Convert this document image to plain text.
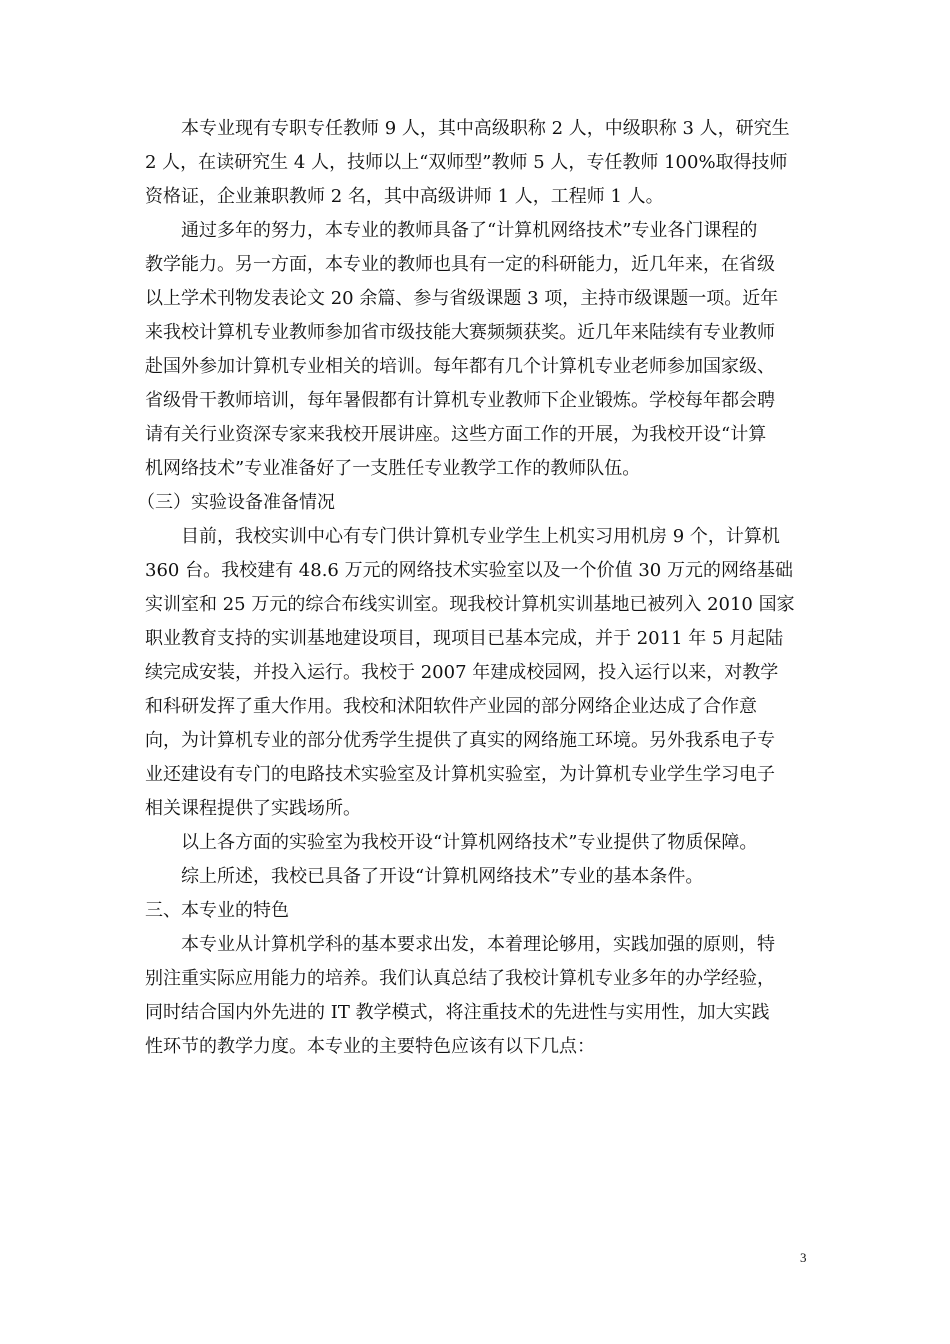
本专业现有专职专任教师 9 人，其中高级职称 2 人，中级职称 3 人，研究生
2 人，在读研究生 4 人，技师以上“双师型”教师 5 人，专任教师 100%取得技师
资格证，企业兼职教师 2 名，其中高级讲师 1 人，工程师 1 人。
通过多年的努力，本专业的教师具备了“计算机网络技术”专业各门课程的
教学能力。另一方面，本专业的教师也具有一定的科研能力，近几年来，在省级
以上学术刊物发表论文 20 余篇、参与省级课题 3 项，主持市级课题一项。近年
来我校计算机专业教师参加省市级技能大赛频频获奖。近几年来陆续有专业教师
赴国外参加计算机专业相关的培训。每年都有几个计算机专业老师参加国家级、
省级骨干教师培训，每年暑假都有计算机专业教师下企业锻炼。学校每年都会聘
请有关行业资深专家来我校开展讲座。这些方面工作的开展，为我校开设“计算
机网络技术”专业准备好了一支胜任专业教学工作的教师队伍。
（三）实验设备准备情况
目前，我校实训中心有专门供计算机专业学生上机实习用机房 9 个，计算机
360 台。我校建有 48.6 万元的网络技术实验室以及一个价值 30 万元的网络基础
实训室和 25 万元的综合布线实训室。现我校计算机实训基地已被列入 2010 国家
职业教育支持的实训基地建设项目，现项目已基本完成，并于 2011 年 5 月起陆
续完成安装，并投入运行。我校于 2007 年建成校园网，投入运行以来，对教学
和科研发挥了重大作用。我校和沭阳软件产业园的部分网络企业达成了合作意
向，为计算机专业的部分优秀学生提供了真实的网络施工环境。另外我系电子专
业还建设有专门的电路技术实验室及计算机实验室，为计算机专业学生学习电子
相关课程提供了实践场所。
以上各方面的实验室为我校开设“计算机网络技术”专业提供了物质保障。
综上所述，我校已具备了开设“计算机网络技术”专业的基本条件。
三、本专业的特色
本专业从计算机学科的基本要求出发，本着理论够用，实践加强的原则，特
别注重实际应用能力的培养。我们认真总结了我校计算机专业多年的办学经验，
同时结合国内外先进的 IT 教学模式，将注重技术的先进性与实用性，加大实践
性环节的教学力度。本专业的主要特色应该有以下几点：
3
